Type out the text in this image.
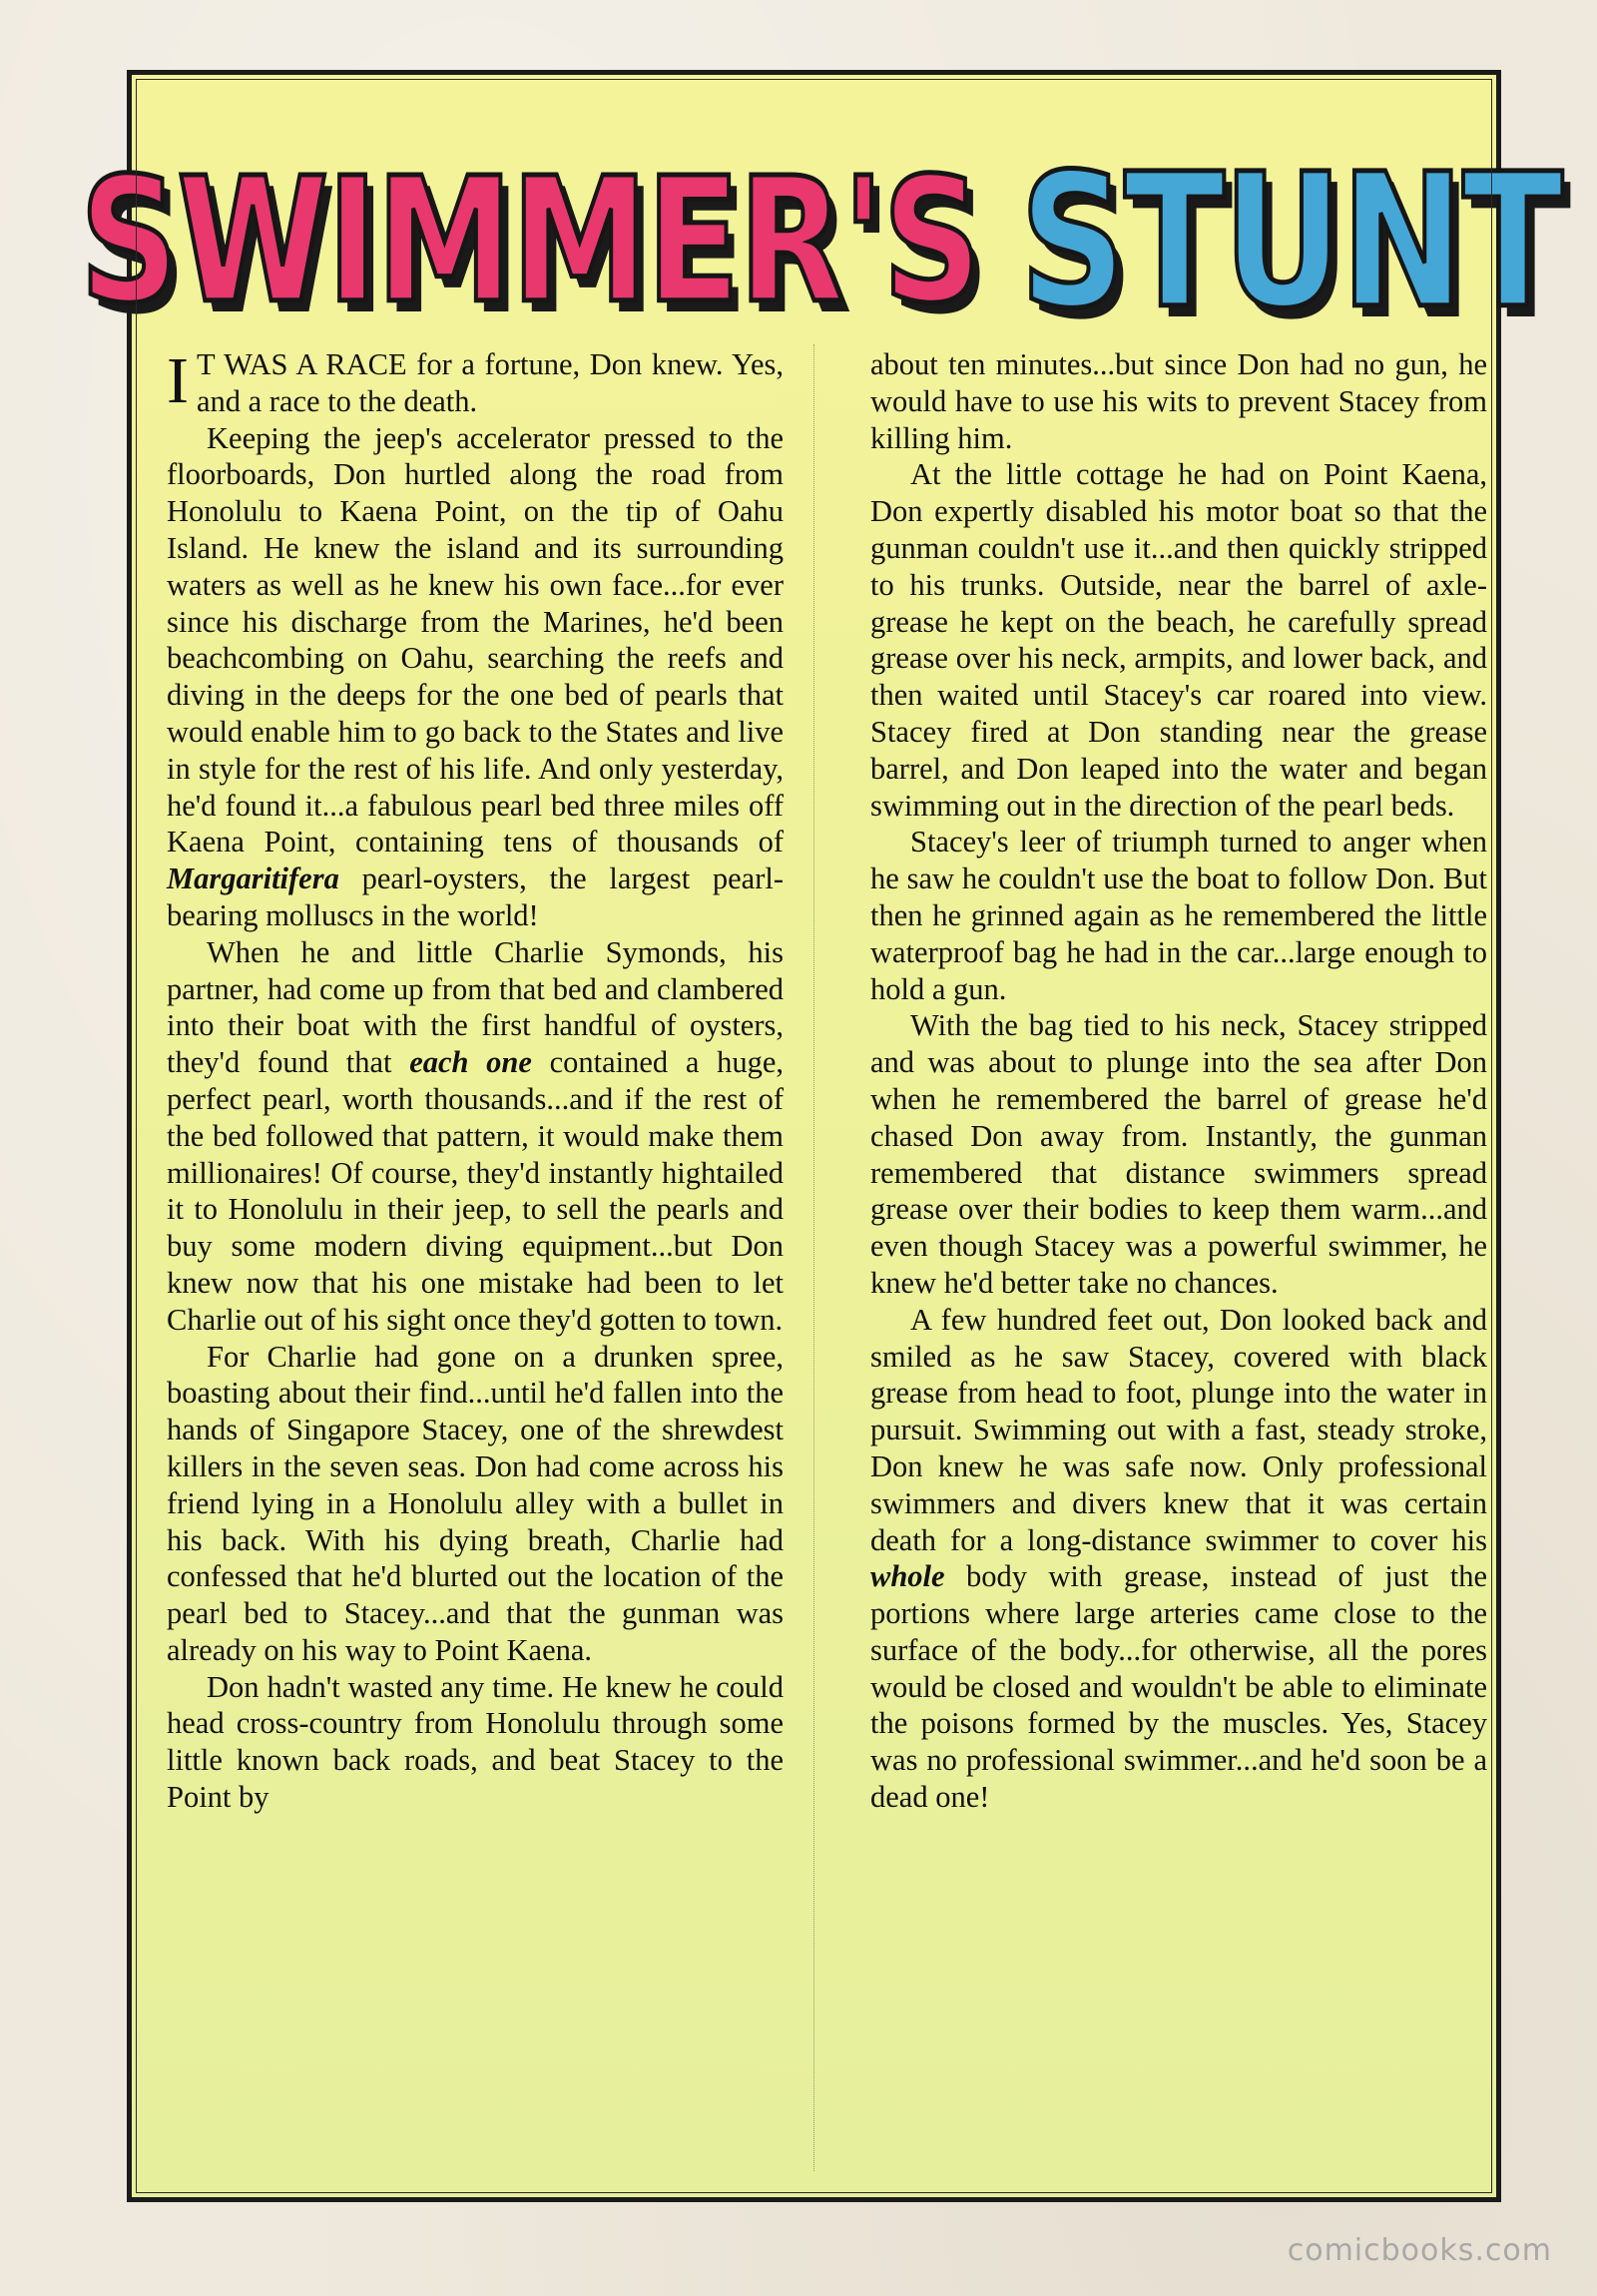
SWIMMER'S STUNT

I T WAS A RACE for a fortune, Don knew. Yes, and a race to the death.

Keeping the jeep's accelerator pressed to the floorboards, Don hurtled along the road from Honolulu to Kaena Point, on the tip of Oahu Island. He knew the island and its surrounding waters as well as he knew his own face...for ever since his discharge from the Marines, he'd been beachcombing on Oahu, searching the reefs and diving in the deeps for the one bed of pearls that would enable him to go back to the States and live in style for the rest of his life. And only yesterday, he'd found it...a fabulous pearl bed three miles off Kaena Point, containing tens of thousands of Margaritifera pearl-oysters, the largest pearl-bearing molluscs in the world!

When he and little Charlie Symonds, his partner, had come up from that bed and clambered into their boat with the first handful of oysters, they'd found that each one contained a huge, perfect pearl, worth thousands...and if the rest of the bed followed that pattern, it would make them millionaires! Of course, they'd instantly hightailed it to Honolulu in their jeep, to sell the pearls and buy some modern diving equipment...but Don knew now that his one mistake had been to let Charlie out of his sight once they'd gotten to town.

For Charlie had gone on a drunken spree, boasting about their find...until he'd fallen into the hands of Singapore Stacey, one of the shrewdest killers in the seven seas. Don had come across his friend lying in a Honolulu alley with a bullet in his back. With his dying breath, Charlie had confessed that he'd blurted out the location of the pearl bed to Stacey...and that the gunman was already on his way to Point Kaena.

Don hadn't wasted any time. He knew he could head cross-country from Honolulu through some little known back roads, and beat Stacey to the Point by

about ten minutes...but since Don had no gun, he would have to use his wits to prevent Stacey from killing him.

At the little cottage he had on Point Kaena, Don expertly disabled his motor boat so that the gunman couldn't use it...and then quickly stripped to his trunks. Outside, near the barrel of axle-grease he kept on the beach, he carefully spread grease over his neck, armpits, and lower back, and then waited until Stacey's car roared into view. Stacey fired at Don standing near the grease barrel, and Don leaped into the water and began swimming out in the direction of the pearl beds.

Stacey's leer of triumph turned to anger when he saw he couldn't use the boat to follow Don. But then he grinned again as he remembered the little waterproof bag he had in the car...large enough to hold a gun.

With the bag tied to his neck, Stacey stripped and was about to plunge into the sea after Don when he remembered the barrel of grease he'd chased Don away from. Instantly, the gunman remembered that distance swimmers spread grease over their bodies to keep them warm...and even though Stacey was a powerful swimmer, he knew he'd better take no chances.

A few hundred feet out, Don looked back and smiled as he saw Stacey, covered with black grease from head to foot, plunge into the water in pursuit. Swimming out with a fast, steady stroke, Don knew he was safe now. Only professional swimmers and divers knew that it was certain death for a long-distance swimmer to cover his whole body with grease, instead of just the portions where large arteries came close to the surface of the body...for otherwise, all the pores would be closed and wouldn't be able to eliminate the poisons formed by the muscles. Yes, Stacey was no professional swimmer...and he'd soon be a dead one!

comicbooks.com
